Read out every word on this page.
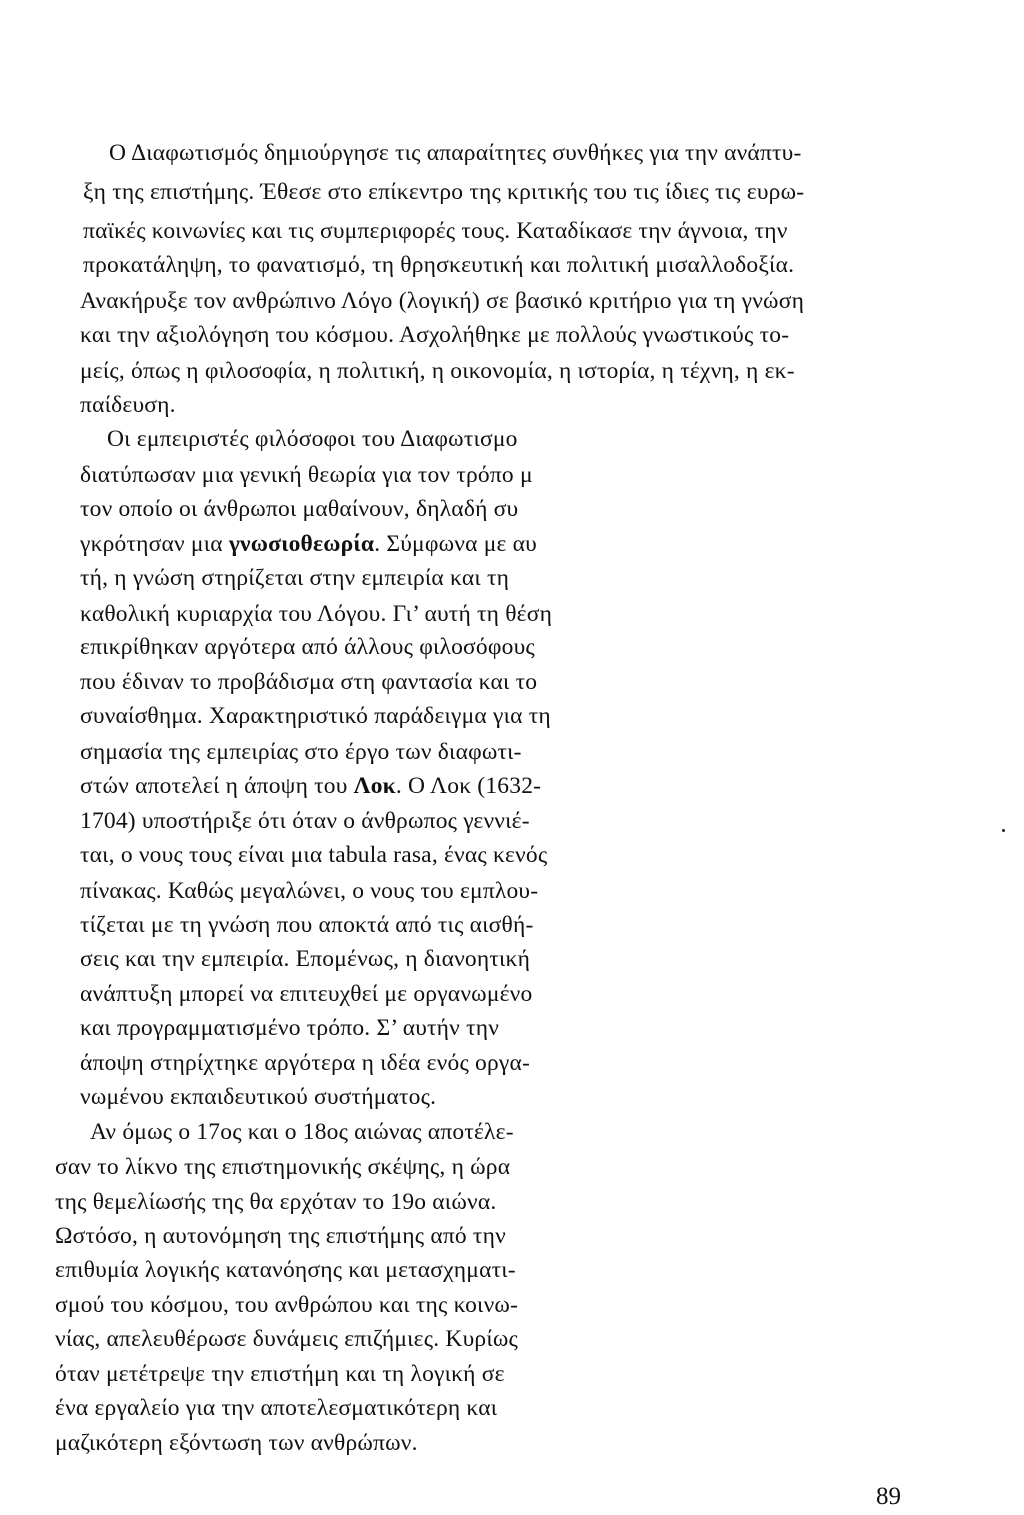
Ο Διαφωτισμός δημιούργησε τις απαραίτητες συνθήκες για την ανάπτυ-
ξη της επιστήμης. Έθεσε στο επίκεντρο της κριτικής του τις ίδιες τις ευρω-
παϊκές κοινωνίες και τις συμπεριφορές τους. Καταδίκασε την άγνοια, την
προκατάληψη, το φανατισμό, τη θρησκευτική και πολιτική μισαλλοδοξία.
Ανακήρυξε τον ανθρώπινο Λόγο (λογική) σε βασικό κριτήριο για τη γνώση
και την αξιολόγηση του κόσμου. Ασχολήθηκε με πολλούς γνωστικούς το-
μείς, όπως η φιλοσοφία, η πολιτική, η οικονομία, η ιστορία, η τέχνη, η εκ-
παίδευση.
Οι εμπειριστές φιλόσοφοι του Διαφωτισμο
διατύπωσαν μια γενική θεωρία για τον τρόπο μ
τον οποίο οι άνθρωποι μαθαίνουν, δηλαδή συ
γκρότησαν μια γνωσιοθεωρία. Σύμφωνα με αυ
τή, η γνώση στηρίζεται στην εμπειρία και τη
καθολική κυριαρχία του Λόγου. Γι’ αυτή τη θέση
επικρίθηκαν αργότερα από άλλους φιλοσόφους
που έδιναν το προβάδισμα στη φαντασία και το
συναίσθημα. Χαρακτηριστικό παράδειγμα για τη
σημασία της εμπειρίας στο έργο των διαφωτι-
στών αποτελεί η άποψη του Λοκ. Ο Λοκ (1632-
1704) υποστήριξε ότι όταν ο άνθρωπος γεννιέ-
ται, ο νους τους είναι μια tabula rasa, ένας κενός
πίνακας. Καθώς μεγαλώνει, ο νους του εμπλου-
τίζεται με τη γνώση που αποκτά από τις αισθή-
σεις και την εμπειρία. Επομένως, η διανοητική
ανάπτυξη μπορεί να επιτευχθεί με οργανωμένο
και προγραμματισμένο τρόπο. Σ’ αυτήν την
άποψη στηρίχτηκε αργότερα η ιδέα ενός οργα-
νωμένου εκπαιδευτικού συστήματος.
Αν όμως ο 17ος και ο 18ος αιώνας αποτέλε-
σαν το λίκνο της επιστημονικής σκέψης, η ώρα
της θεμελίωσής της θα ερχόταν το 19ο αιώνα.
Ωστόσο, η αυτονόμηση της επιστήμης από την
επιθυμία λογικής κατανόησης και μετασχηματι-
σμού του κόσμου, του ανθρώπου και της κοινω-
νίας, απελευθέρωσε δυνάμεις επιζήμιες. Κυρίως
όταν μετέτρεψε την επιστήμη και τη λογική σε
ένα εργαλείο για την αποτελεσματικότερη και
μαζικότερη εξόντωση των ανθρώπων.
89
